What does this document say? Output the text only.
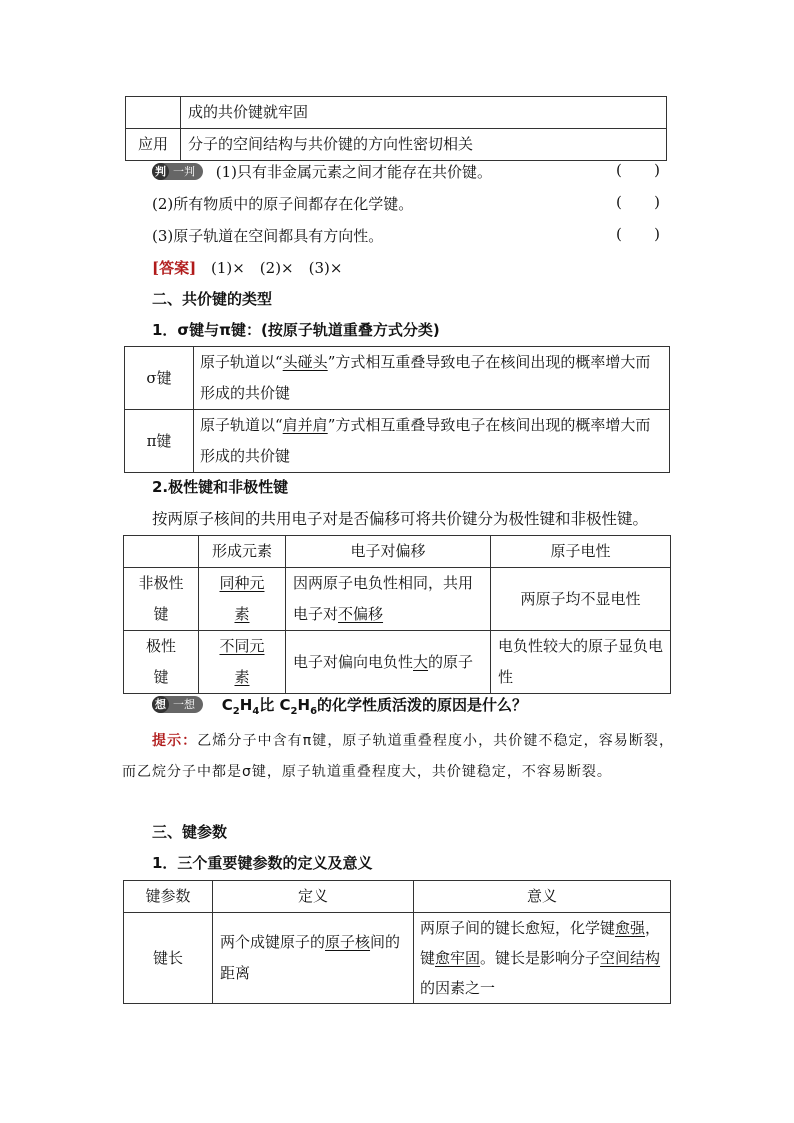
	成的共价键就牢固
应用	分子的空间结构与共价键的方向性密切相关
判 一判 (1)只有非金属元素之间才能存在共价键。	( )
(2)所有物质中的原子间都存在化学键。	( )
(3)原子轨道在空间都具有方向性。	( )
[答案] (1)×　(2)×　(3)×
二、共价键的类型
1．σ键与π键：(按原子轨道重叠方式分类)
σ键	原子轨道以“头碰头”方式相互重叠导致电子在核间出现的概率增大而形成的共价键
π键	原子轨道以“肩并肩”方式相互重叠导致电子在核间出现的概率增大而形成的共价键
2.极性键和非极性键
按两原子核间的共用电子对是否偏移可将共价键分为极性键和非极性键。
	形成元素	电子对偏移	原子电性
非极性键	同种元素	因两原子电负性相同，共用电子对不偏移	两原子均不显电性
极性键	不同元素	电子对偏向电负性大的原子	电负性较大的原子显负电性
想 一想 $C_2H_4$比 $C_2H_6$的化学性质活泼的原因是什么？
提示：乙烯分子中含有π键，原子轨道重叠程度小，共价键不稳定，容易断裂，而乙烷分子中都是σ键，原子轨道重叠程度大，共价键稳定，不容易断裂。
三、键参数
1．三个重要键参数的定义及意义
键参数	定义	意义
键长	两个成键原子的原子核间的距离	两原子间的键长愈短，化学键愈强，键愈牢固。键长是影响分子空间结构的因素之一
